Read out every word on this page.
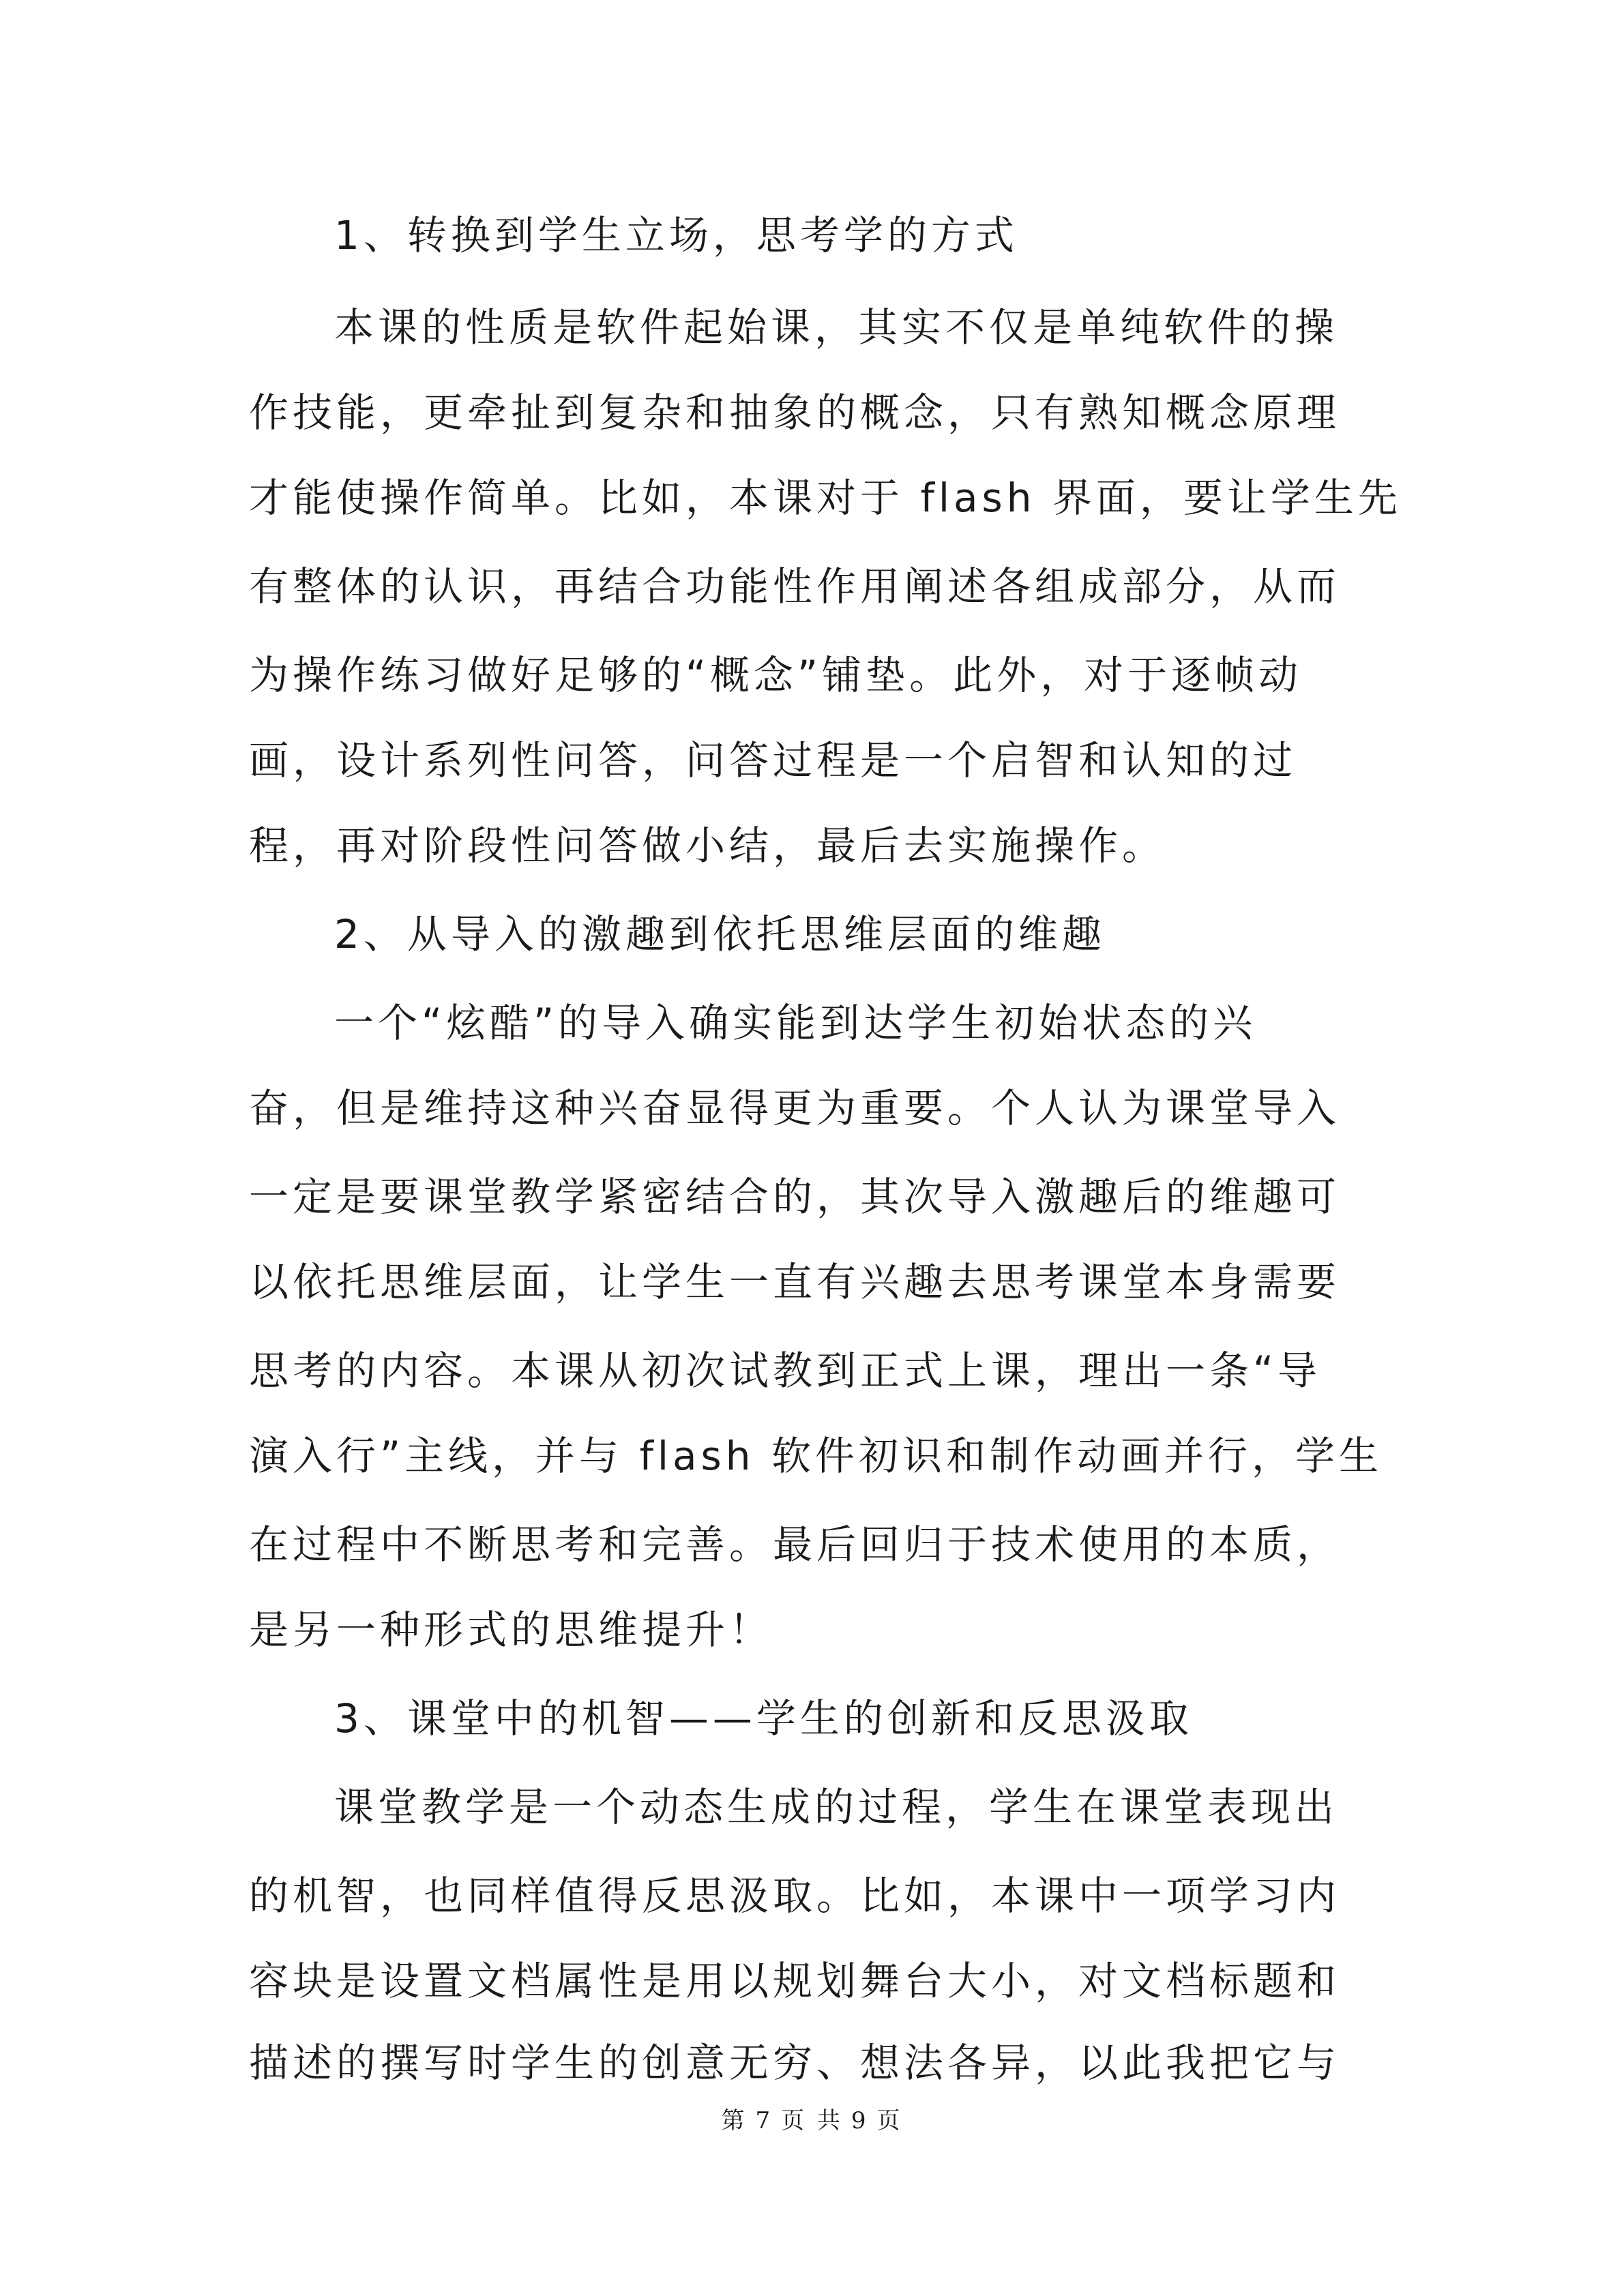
1、转换到学生立场，思考学的方式
本课的性质是软件起始课，其实不仅是单纯软件的操
作技能，更牵扯到复杂和抽象的概念，只有熟知概念原理
才能使操作简单。比如，本课对于 flash 界面，要让学生先
有整体的认识，再结合功能性作用阐述各组成部分，从而
为操作练习做好足够的“概念”铺垫。此外，对于逐帧动
画，设计系列性问答，问答过程是一个启智和认知的过
程，再对阶段性问答做小结，最后去实施操作。
2、从导入的激趣到依托思维层面的维趣
一个“炫酷”的导入确实能到达学生初始状态的兴
奋，但是维持这种兴奋显得更为重要。个人认为课堂导入
一定是要课堂教学紧密结合的，其次导入激趣后的维趣可
以依托思维层面，让学生一直有兴趣去思考课堂本身需要
思考的内容。本课从初次试教到正式上课，理出一条“导
演入行”主线，并与 flash 软件初识和制作动画并行，学生
在过程中不断思考和完善。最后回归于技术使用的本质，
是另一种形式的思维提升！
3、课堂中的机智——学生的创新和反思汲取
课堂教学是一个动态生成的过程，学生在课堂表现出
的机智，也同样值得反思汲取。比如，本课中一项学习内
容块是设置文档属性是用以规划舞台大小，对文档标题和
描述的撰写时学生的创意无穷、想法各异，以此我把它与
第 7 页 共 9 页
